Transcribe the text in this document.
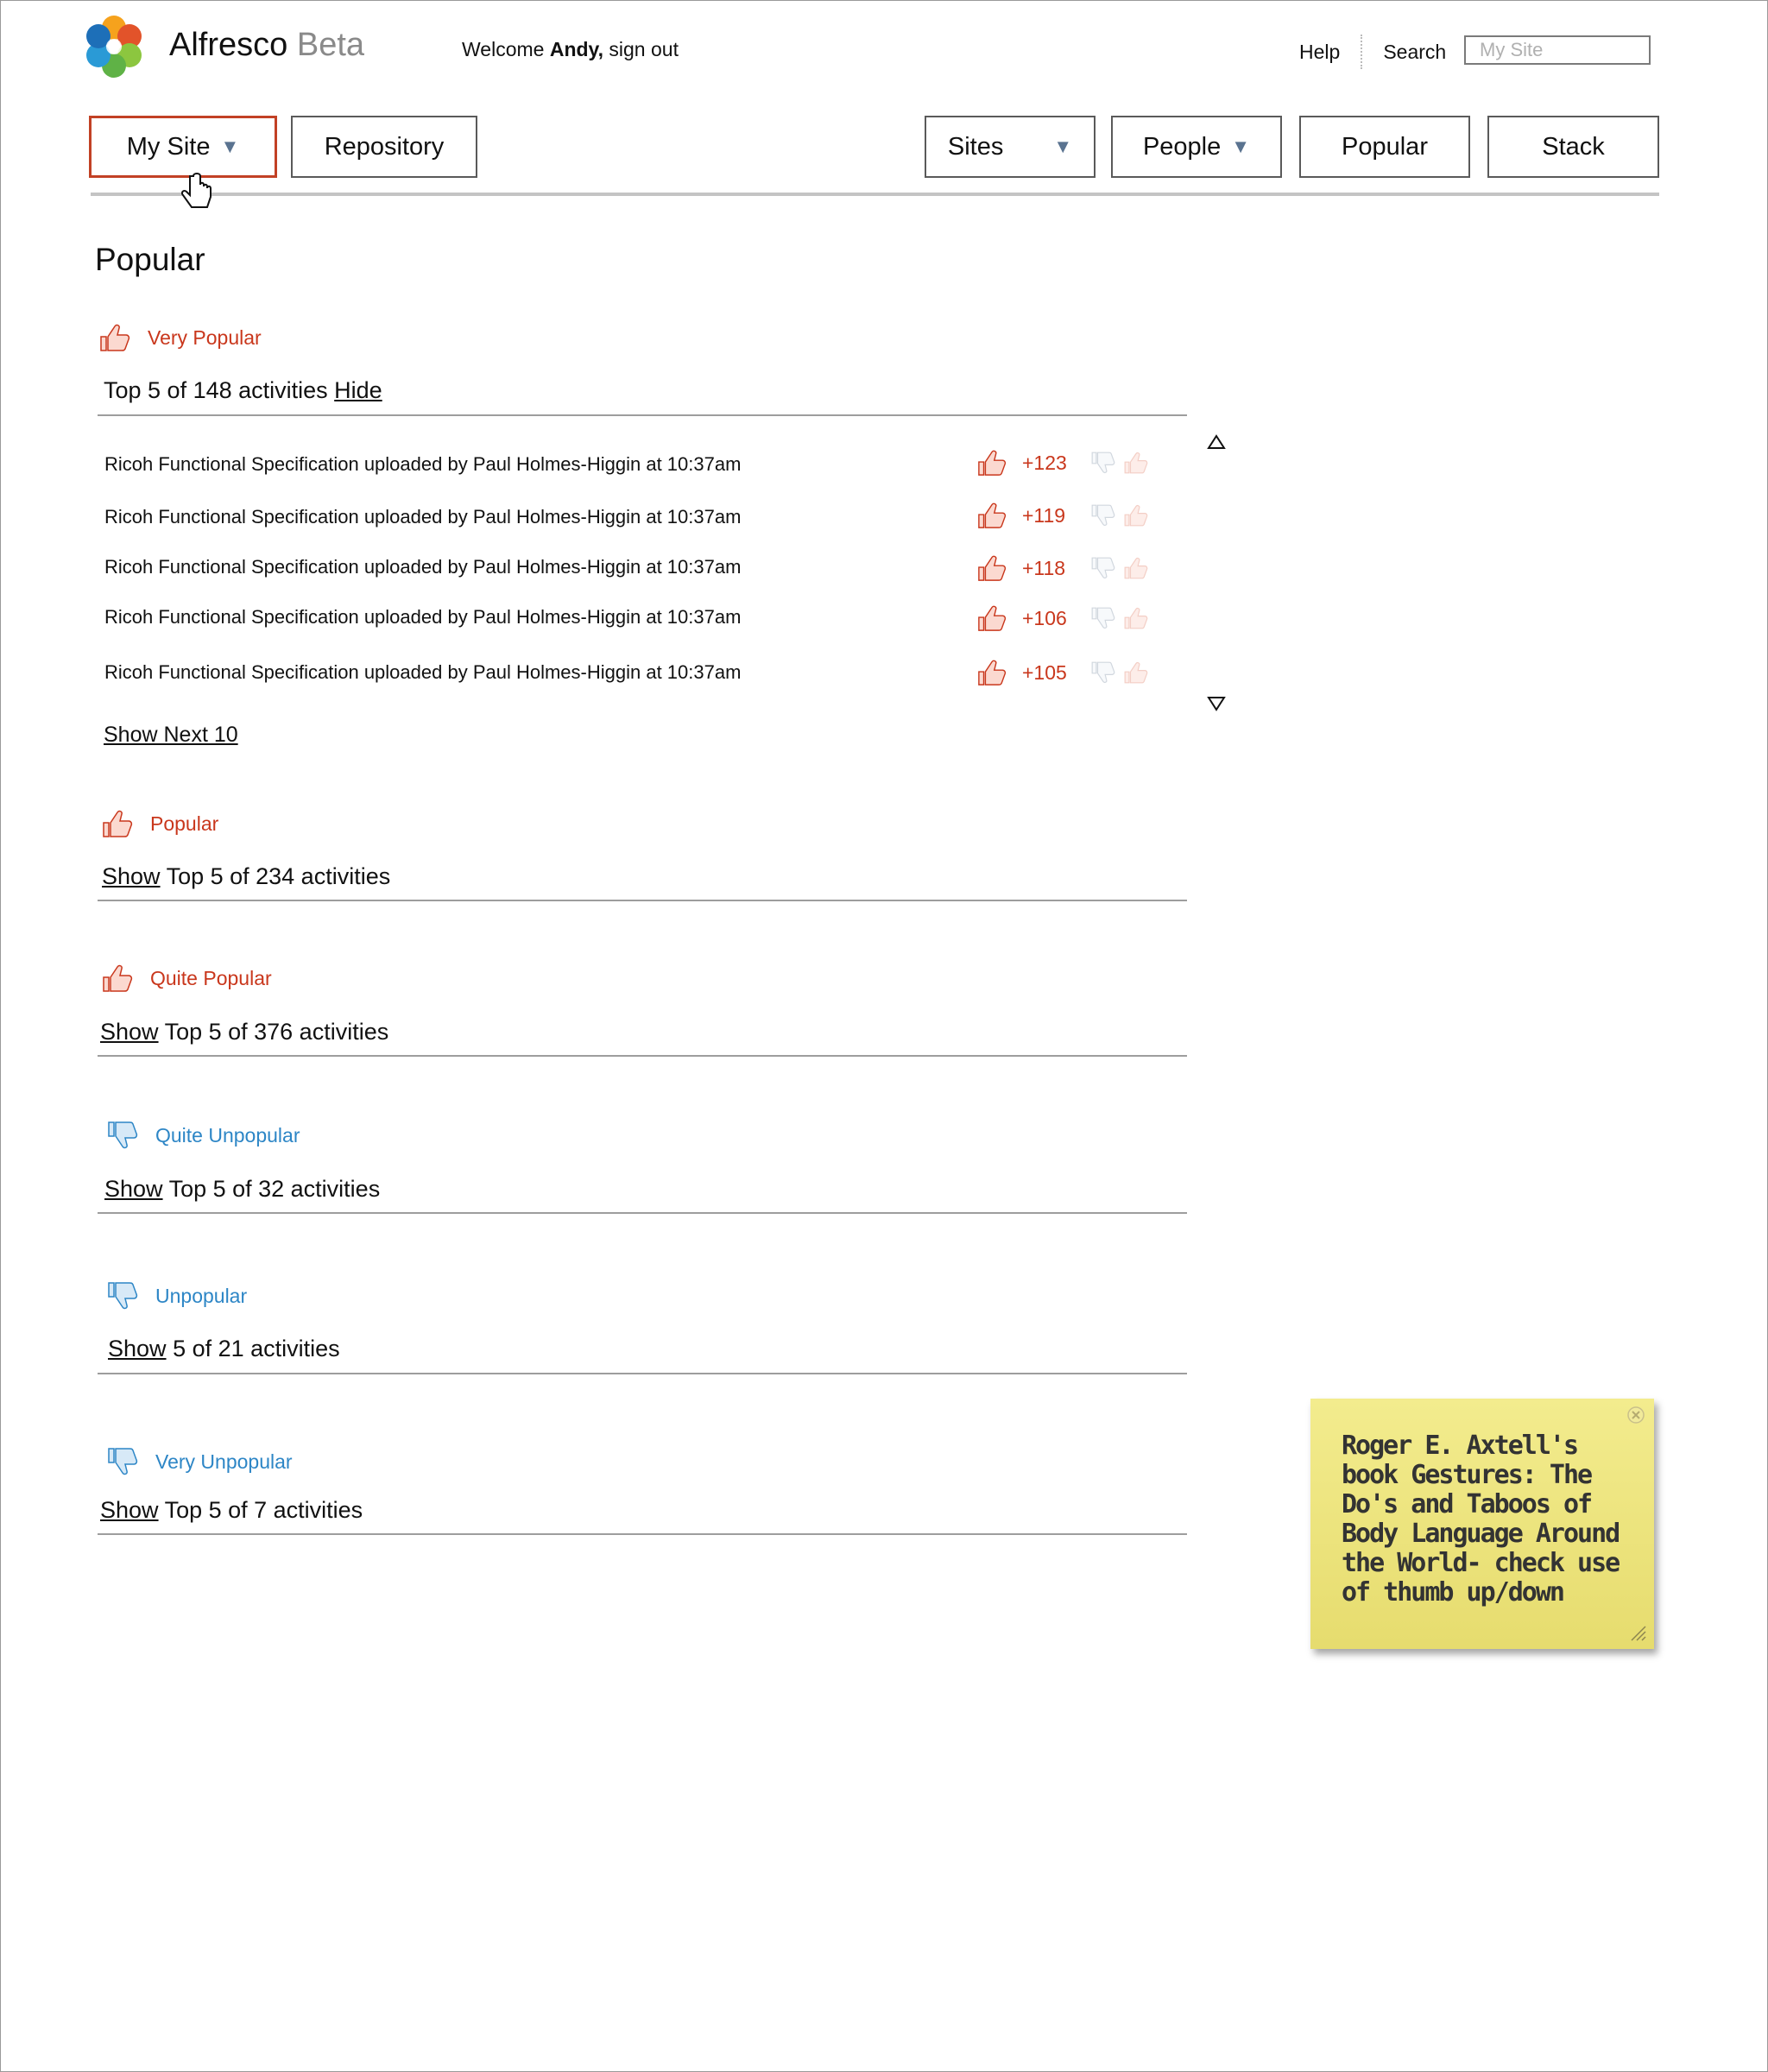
Alfresco Beta	Welcome Andy, sign out	Help	Search
My Site
My Site ▼	Repository	Sites	▼	People ▼	Popular	Stack
Popular
Very Popular
Top 5 of 148 activities Hide
Ricoh Functional Specification uploaded by Paul Holmes-Higgin at 10:37am	+123
Ricoh Functional Specification uploaded by Paul Holmes-Higgin at 10:37am	+119
Ricoh Functional Specification uploaded by Paul Holmes-Higgin at 10:37am	+118
Ricoh Functional Specification uploaded by Paul Holmes-Higgin at 10:37am	+106
Ricoh Functional Specification uploaded by Paul Holmes-Higgin at 10:37am	+105
Show Next 10
Popular
Show Top 5 of 234 activities
Quite Popular
Show Top 5 of 376 activities
Quite Unpopular
Show Top 5 of 32 activities
Unpopular
Show 5 of 21 activities
Very Unpopular
Show Top 5 of 7 activities
Roger E. Axtell's book Gestures: The Do's and Taboos of Body Language Around the World- check use of thumb up/down
